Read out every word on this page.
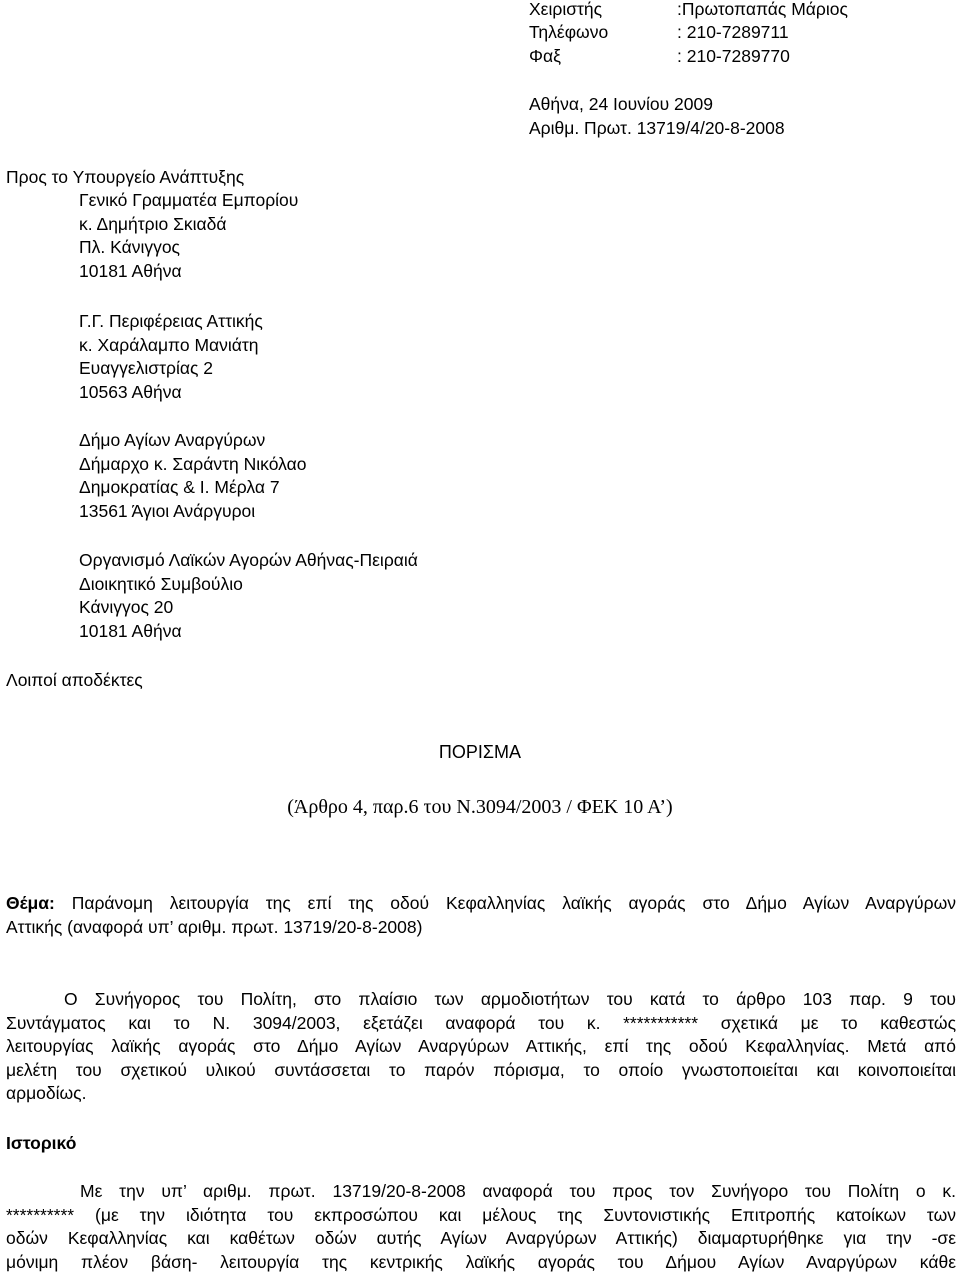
Χειριστής	:Πρωτοπαπάς Μάριος
Τηλέφωνο	: 210-7289711
Φαξ	: 210-7289770
Αθήνα, 24 Ιουνίου 2009
Αριθμ. Πρωτ. 13719/4/20-8-2008
Προς το Υπουργείο Ανάπτυξης
Γενικό Γραμματέα Εμπορίου
κ. Δημήτριο Σκιαδά
Πλ. Κάνιγγος
10181 Αθήνα
Γ.Γ. Περιφέρειας Αττικής
κ. Χαράλαμπο Μανιάτη
Ευαγγελιστρίας 2
10563 Αθήνα
Δήμο Αγίων Αναργύρων
Δήμαρχο κ. Σαράντη Νικόλαο
Δημοκρατίας & Ι. Μέρλα 7
13561 Άγιοι Ανάργυροι
Οργανισμό Λαϊκών Αγορών Αθήνας-Πειραιά
Διοικητικό Συμβούλιο
Κάνιγγος 20
10181 Αθήνα
Λοιποί αποδέκτες
ΠΟΡΙΣΜΑ
(Άρθρο 4, παρ.6 του Ν.3094/2003 / ΦΕΚ 10 Α’)
Θέμα: Παράνομη λειτουργία της επί της οδού Κεφαλληνίας λαϊκής αγοράς στο Δήμο Αγίων Αναργύρων
Αττικής (αναφορά υπ’ αριθμ. πρωτ. 13719/20-8-2008)
Ο Συνήγορος του Πολίτη, στο πλαίσιο των αρμοδιοτήτων του κατά το άρθρο 103 παρ. 9 του
Συντάγματος και το Ν. 3094/2003, εξετάζει αναφορά του κ. *********** σχετικά με το καθεστώς
λειτουργίας λαϊκής αγοράς στο Δήμο Αγίων Αναργύρων Αττικής, επί της οδού Κεφαλληνίας. Μετά από
μελέτη του σχετικού υλικού συντάσσεται το παρόν πόρισμα, το οποίο γνωστοποιείται και κοινοποιείται
αρμοδίως.
Ιστορικό
Με την υπ’ αριθμ. πρωτ. 13719/20-8-2008 αναφορά του προς τον Συνήγορο του Πολίτη ο κ.
********** (με την ιδιότητα του εκπροσώπου και μέλους της Συντονιστικής Επιτροπής κατοίκων των
οδών Κεφαλληνίας και καθέτων οδών αυτής Αγίων Αναργύρων Αττικής) διαμαρτυρήθηκε για την -σε
μόνιμη πλέον βάση- λειτουργία της κεντρικής λαϊκής αγοράς του Δήμου Αγίων Αναργύρων κάθε
